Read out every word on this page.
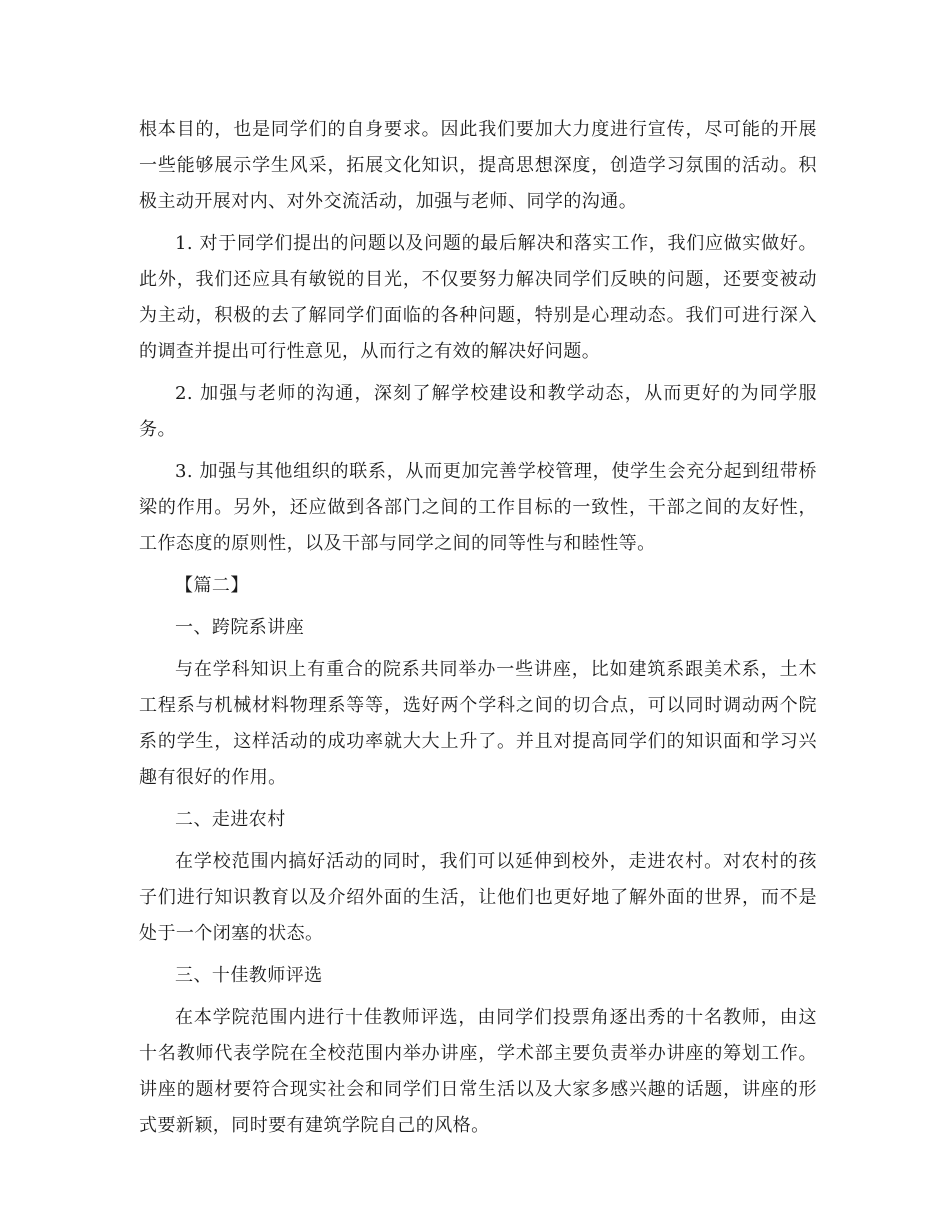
根本目的，也是同学们的自身要求。因此我们要加大力度进行宣传，尽可能的开展一些能够展示学生风采，拓展文化知识，提高思想深度，创造学习氛围的活动。积极主动开展对内、对外交流活动，加强与老师、同学的沟通。

1. 对于同学们提出的问题以及问题的最后解决和落实工作，我们应做实做好。此外，我们还应具有敏锐的目光，不仅要努力解决同学们反映的问题，还要变被动为主动，积极的去了解同学们面临的各种问题，特别是心理动态。我们可进行深入的调查并提出可行性意见，从而行之有效的解决好问题。

2. 加强与老师的沟通，深刻了解学校建设和教学动态，从而更好的为同学服务。

3. 加强与其他组织的联系，从而更加完善学校管理，使学生会充分起到纽带桥梁的作用。另外，还应做到各部门之间的工作目标的一致性，干部之间的友好性，工作态度的原则性，以及干部与同学之间的同等性与和睦性等。

【篇二】

一、跨院系讲座

与在学科知识上有重合的院系共同举办一些讲座，比如建筑系跟美术系，土木工程系与机械材料物理系等等，选好两个学科之间的切合点，可以同时调动两个院系的学生，这样活动的成功率就大大上升了。并且对提高同学们的知识面和学习兴趣有很好的作用。

二、走进农村

在学校范围内搞好活动的同时，我们可以延伸到校外，走进农村。对农村的孩子们进行知识教育以及介绍外面的生活，让他们也更好地了解外面的世界，而不是处于一个闭塞的状态。

三、十佳教师评选

在本学院范围内进行十佳教师评选，由同学们投票角逐出秀的十名教师，由这十名教师代表学院在全校范围内举办讲座，学术部主要负责举办讲座的筹划工作。讲座的题材要符合现实社会和同学们日常生活以及大家多感兴趣的话题，讲座的形式要新颖，同时要有建筑学院自己的风格。
